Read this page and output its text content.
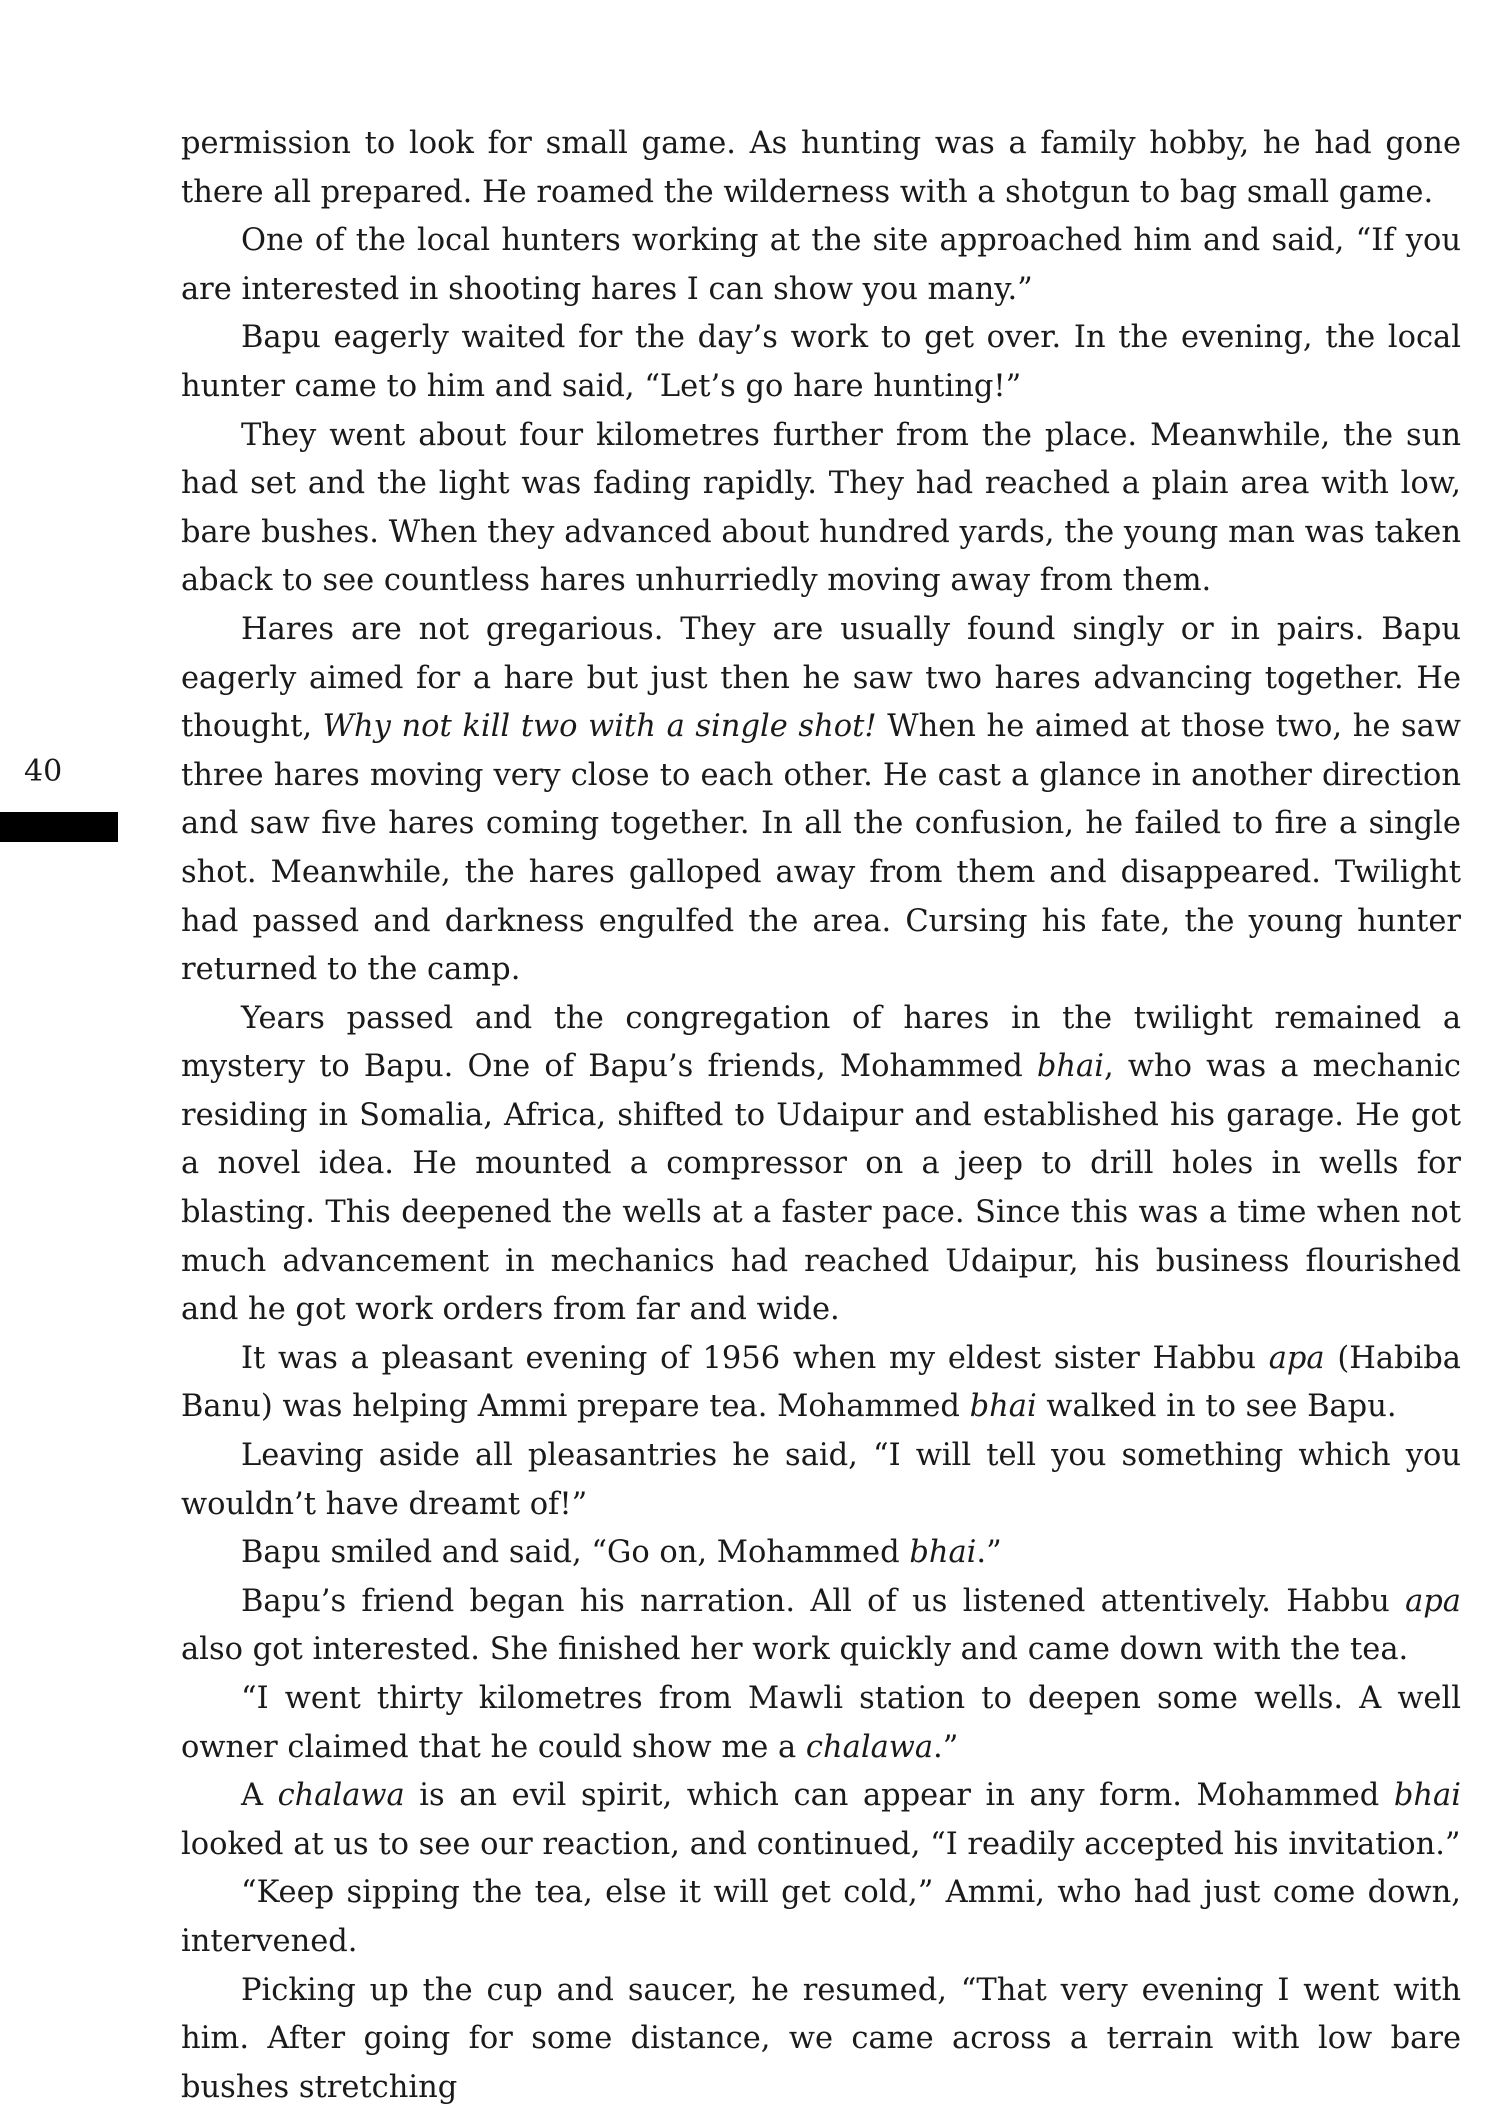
40

permission to look for small game. As hunting was a family hobby, he had gone there all prepared. He roamed the wilderness with a shotgun to bag small game.

One of the local hunters working at the site approached him and said, “If you are interested in shooting hares I can show you many.”

Bapu eagerly waited for the day’s work to get over. In the evening, the local hunter came to him and said, “Let’s go hare hunting!”

They went about four kilometres further from the place. Meanwhile, the sun had set and the light was fading rapidly. They had reached a plain area with low, bare bushes. When they advanced about hundred yards, the young man was taken aback to see countless hares unhurriedly moving away from them.

Hares are not gregarious. They are usually found singly or in pairs. Bapu eagerly aimed for a hare but just then he saw two hares advancing together. He thought, Why not kill two with a single shot! When he aimed at those two, he saw three hares moving very close to each other. He cast a glance in another direction and saw five hares coming together. In all the confusion, he failed to fire a single shot. Meanwhile, the hares galloped away from them and disappeared. Twilight had passed and darkness engulfed the area. Cursing his fate, the young hunter returned to the camp.

Years passed and the congregation of hares in the twilight remained a mystery to Bapu. One of Bapu’s friends, Mohammed bhai, who was a mechanic residing in Somalia, Africa, shifted to Udaipur and established his garage. He got a novel idea. He mounted a compressor on a jeep to drill holes in wells for blasting. This deepened the wells at a faster pace. Since this was a time when not much advancement in mechanics had reached Udaipur, his business flourished and he got work orders from far and wide.

It was a pleasant evening of 1956 when my eldest sister Habbu apa (Habiba Banu) was helping Ammi prepare tea. Mohammed bhai walked in to see Bapu.

Leaving aside all pleasantries he said, “I will tell you something which you wouldn’t have dreamt of!”

Bapu smiled and said, “Go on, Mohammed bhai.”

Bapu’s friend began his narration. All of us listened attentively. Habbu apa also got interested. She finished her work quickly and came down with the tea.

“I went thirty kilometres from Mawli station to deepen some wells. A well owner claimed that he could show me a chalawa.”

A chalawa is an evil spirit, which can appear in any form. Mohammed bhai looked at us to see our reaction, and continued, “I readily accepted his invitation.”

“Keep sipping the tea, else it will get cold,” Ammi, who had just come down, intervened.

Picking up the cup and saucer, he resumed, “That very evening I went with him. After going for some distance, we came across a terrain with low bare bushes stretching
